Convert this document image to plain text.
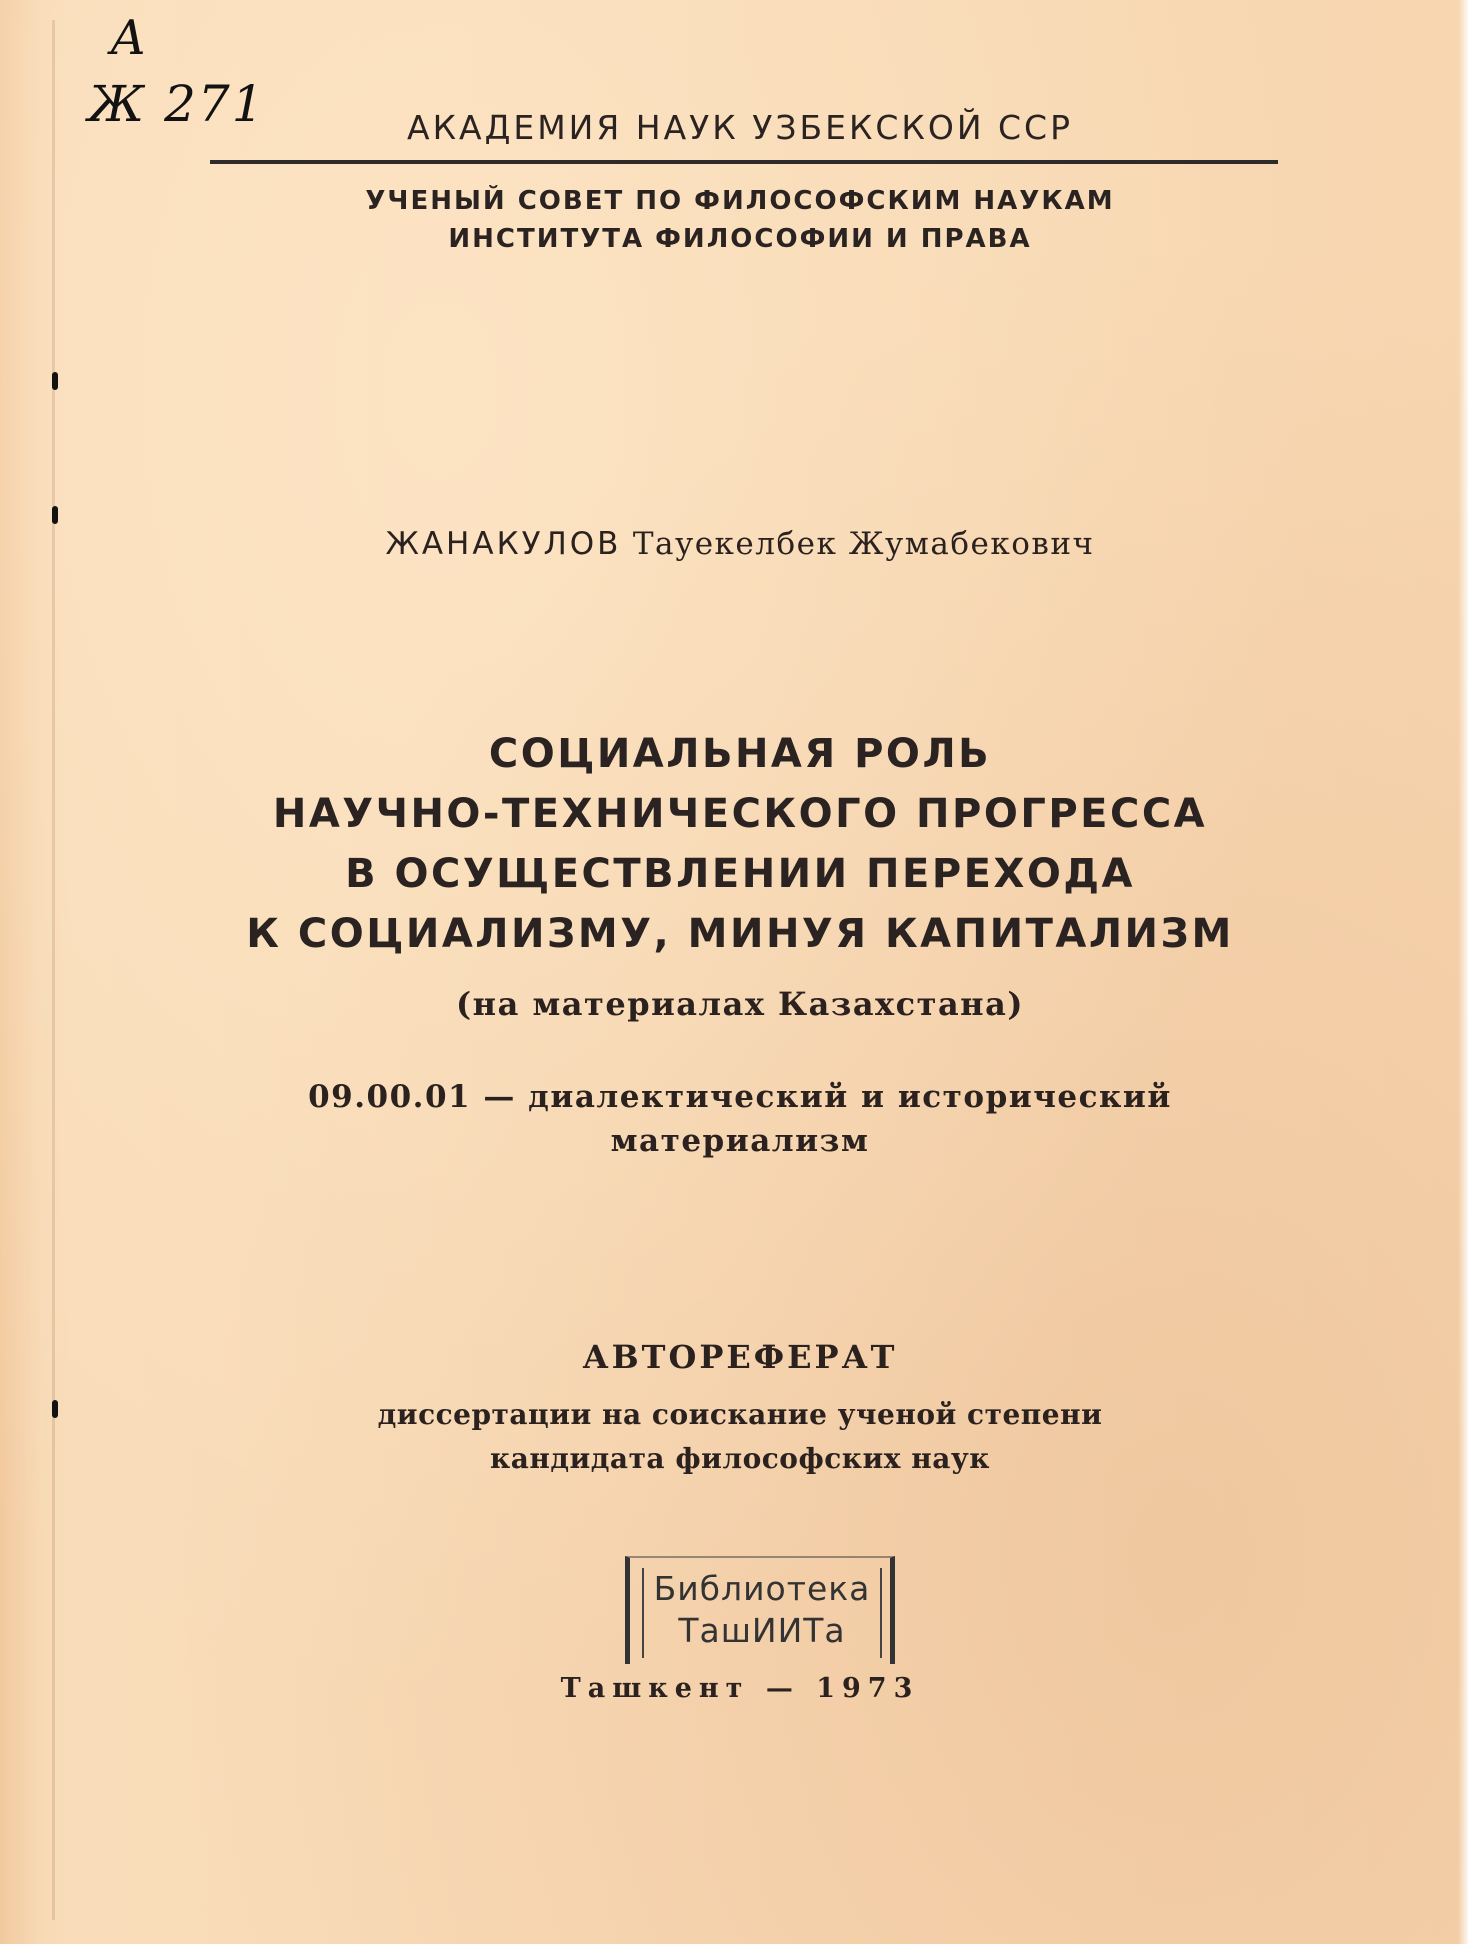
А
Ж 271	АКАДЕМИЯ НАУК УЗБЕКСКОЙ ССР
УЧЕНЫЙ СОВЕТ ПО ФИЛОСОФСКИМ НАУКАМ
ИНСТИТУТА ФИЛОСОФИИ И ПРАВА
ЖАНАКУЛОВ Тауекелбек Жумабекович
СОЦИАЛЬНАЯ РОЛЬ
НАУЧНО-ТЕХНИЧЕСКОГО ПРОГРЕССА
В ОСУЩЕСТВЛЕНИИ ПЕРЕХОДА
К СОЦИАЛИЗМУ, МИНУЯ КАПИТАЛИЗМ
(на материалах Казахстана)
09.00.01 — диалектический и исторический
материализм
АВТОРЕФЕРАТ
диссертации на соискание ученой степени
кандидата философских наук
Библиотека
ТашИИТа
Ташкент — 1973
